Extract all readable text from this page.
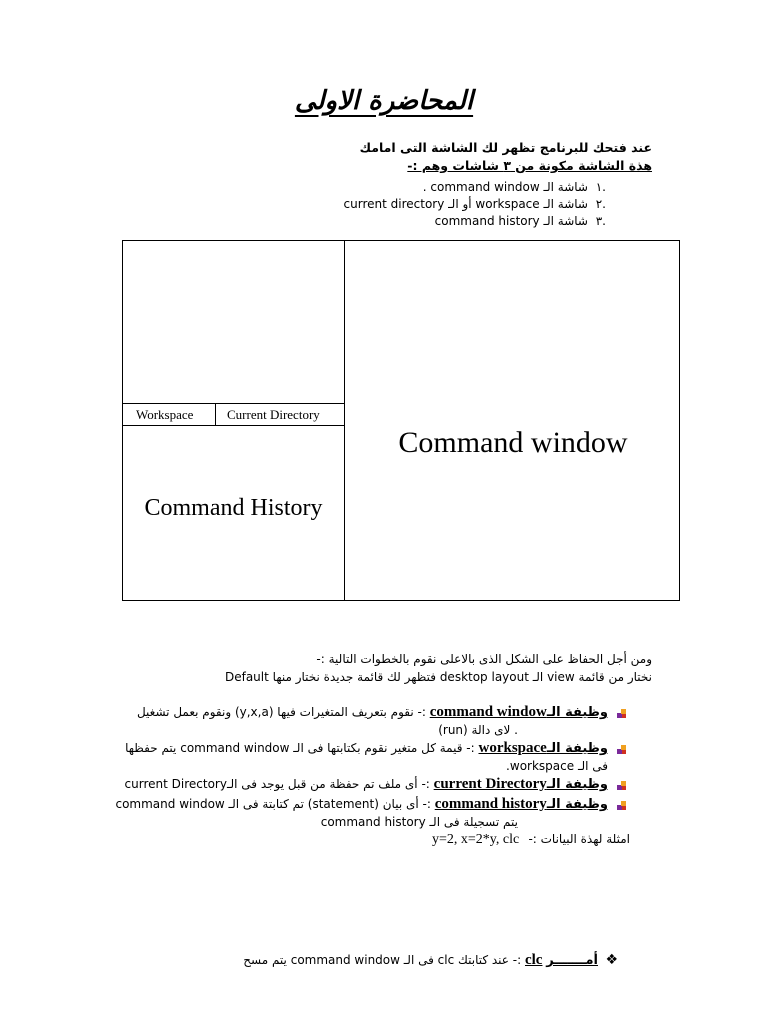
المحاضرة الاولى
عند فتحك للبرنامج تظهر لك الشاشة التى امامك
هذة الشاشة مكونة من ٣ شاشات وهم :-
١.
شاشة الـ command window .
٢.
شاشة الـ workspace أو الـ current directory
٣.
شاشة الـ command history
Workspace	Current Directory
Command window
Command History
ومن أجل الحفاظ على الشكل الذى بالاعلى نقوم بالخطوات التالية :-
نختار من قائمة view الـ desktop layout فتظهر لك قائمة جديدة نختار منها Default
وظيفة الـcommand window :- نقوم بتعريف المتغيرات فيها (y,x,a) ونقوم بعمل تشغيل
(run) لاى دالة .
وظيفة الـworkspace :- قيمة كل متغير نقوم بكتابتها فى الـ command window يتم حفظها
فى الـ workspace.
وظيفة الـcurrent Directory :- أى ملف تم حفظة من قبل يوجد فى الـcurrent Directory
وظيفة الـcommand history :- أى بيان (statement) تم كتابتة فى الـ command window
يتم تسجيلة فى الـ command history
امثلة لهذة البيانات :-
y=2, x=2*y, clc
❖
أمـــــــر clc :- عند كتابتك clc فى الـ command window يتم مسح
